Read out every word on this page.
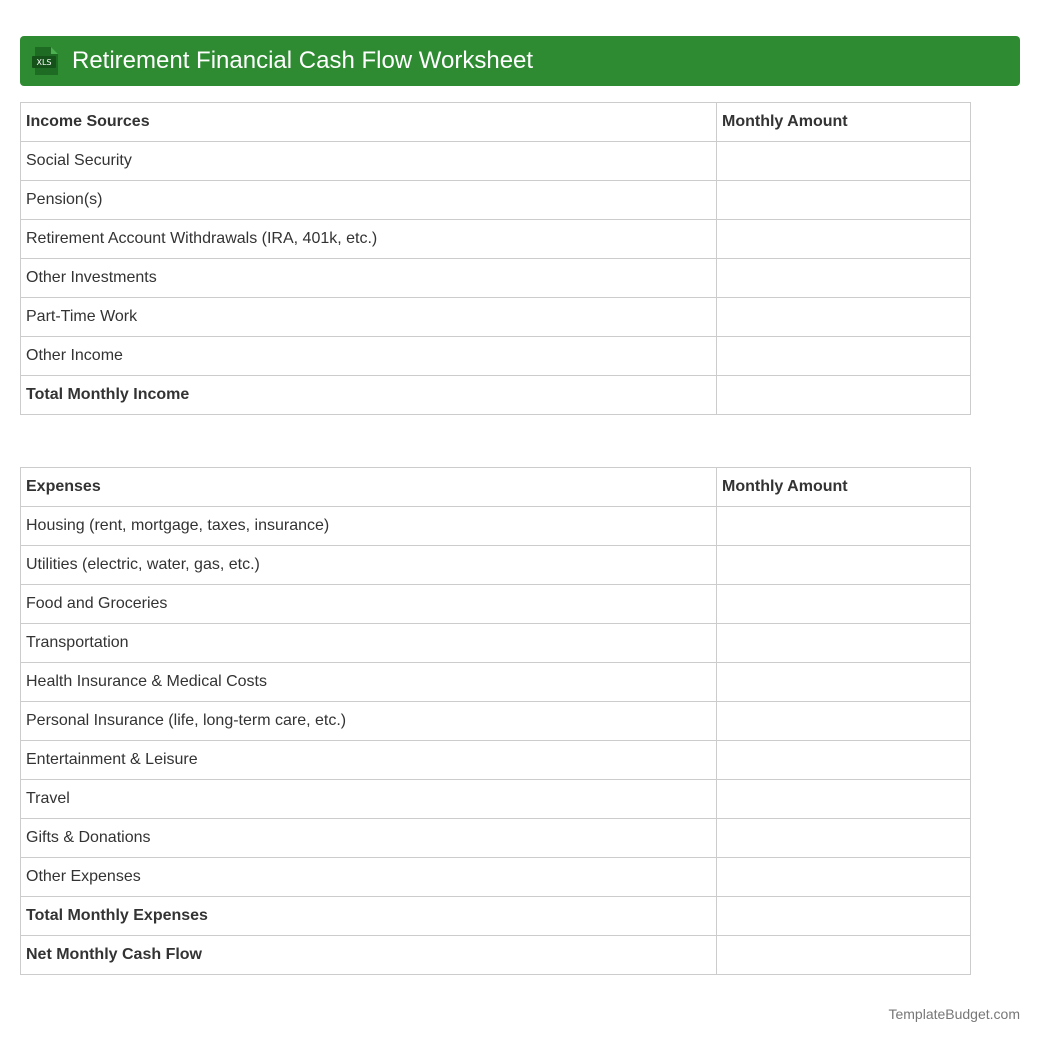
XLS Retirement Financial Cash Flow Worksheet
Income Sources	Monthly Amount
Social Security	
Pension(s)	
Retirement Account Withdrawals (IRA, 401k, etc.)	
Other Investments	
Part-Time Work	
Other Income	
Total Monthly Income	
Expenses	Monthly Amount
Housing (rent, mortgage, taxes, insurance)	
Utilities (electric, water, gas, etc.)	
Food and Groceries	
Transportation	
Health Insurance & Medical Costs	
Personal Insurance (life, long-term care, etc.)	
Entertainment & Leisure	
Travel	
Gifts & Donations	
Other Expenses	
Total Monthly Expenses	
Net Monthly Cash Flow	
TemplateBudget.com
